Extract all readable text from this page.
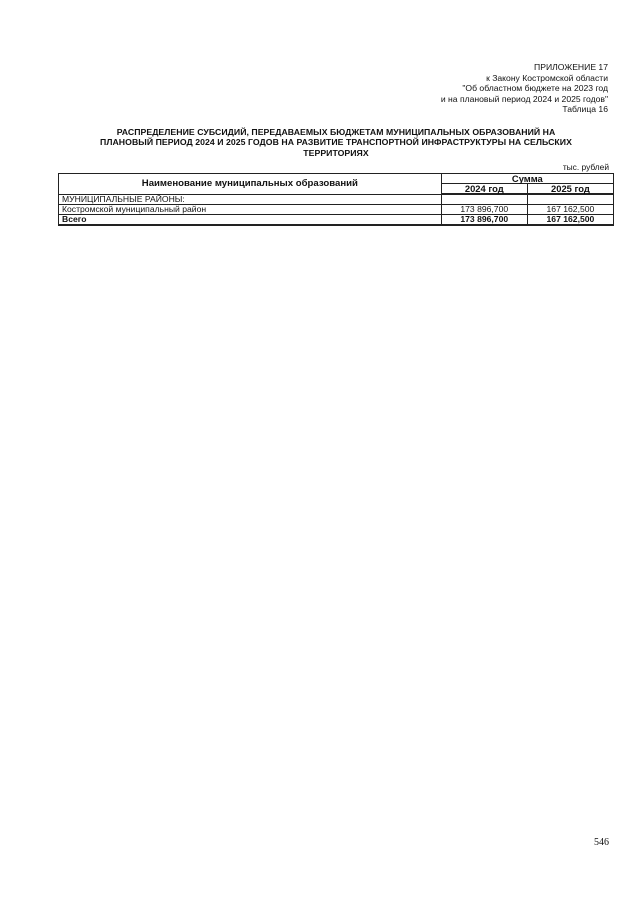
ПРИЛОЖЕНИЕ 17
к Закону Костромской области
"Об областном бюджете на 2023 год
и на плановый период 2024 и 2025 годов"
Таблица 16
РАСПРЕДЕЛЕНИЕ СУБСИДИЙ, ПЕРЕДАВАЕМЫХ БЮДЖЕТАМ МУНИЦИПАЛЬНЫХ ОБРАЗОВАНИЙ НА
ПЛАНОВЫЙ ПЕРИОД 2024 И 2025 ГОДОВ НА РАЗВИТИЕ ТРАНСПОРТНОЙ ИНФРАСТРУКТУРЫ НА СЕЛЬСКИХ
ТЕРРИТОРИЯХ
тыс. рублей
Наименование муниципальных образований	Сумма	
	2024 год	2025 год
МУНИЦИПАЛЬНЫЕ РАЙОНЫ:		
Костромской муниципальный район	173 896,700	167 162,500
Всего	173 896,700	167 162,500
546
